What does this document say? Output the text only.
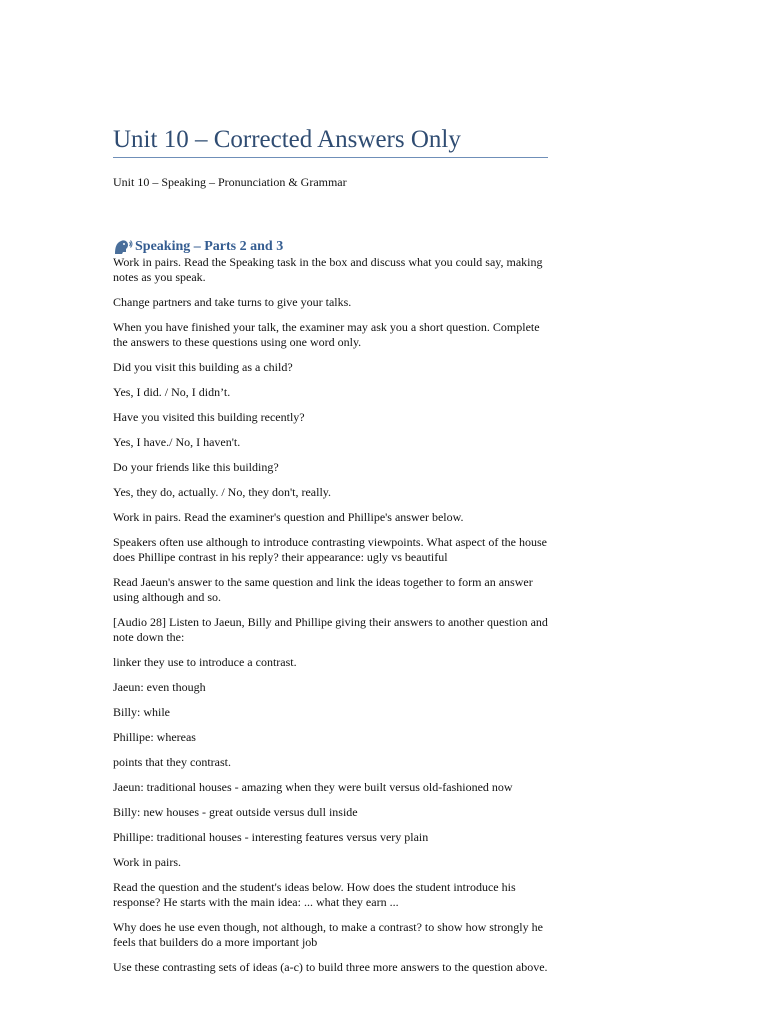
Unit 10 – Corrected Answers Only
Unit 10 – Speaking – Pronunciation & Grammar
Speaking – Parts 2 and 3

Work in pairs. Read the Speaking task in the box and discuss what you could say, making notes as you speak.

Change partners and take turns to give your talks.

When you have finished your talk, the examiner may ask you a short question. Complete the answers to these questions using one word only.

Did you visit this building as a child?

Yes, I did. / No, I didn’t.

Have you visited this building recently?

Yes, I have./ No, I haven't.

Do your friends like this building?

Yes, they do, actually. / No, they don't, really.

Work in pairs. Read the examiner's question and Phillipe's answer below.

Speakers often use although to introduce contrasting viewpoints. What aspect of the house does Phillipe contrast in his reply? their appearance: ugly vs beautiful

Read Jaeun's answer to the same question and link the ideas together to form an answer using although and so.

[Audio 28] Listen to Jaeun, Billy and Phillipe giving their answers to another question and note down the:

linker they use to introduce a contrast.

Jaeun: even though

Billy: while

Phillipe: whereas

points that they contrast.

Jaeun: traditional houses - amazing when they were built versus old-fashioned now

Billy: new houses - great outside versus dull inside

Phillipe: traditional houses - interesting features versus very plain

Work in pairs.

Read the question and the student's ideas below. How does the student introduce his response? He starts with the main idea: ... what they earn ...

Why does he use even though, not although, to make a contrast? to show how strongly he feels that builders do a more important job

Use these contrasting sets of ideas (a-c) to build three more answers to the question above.
